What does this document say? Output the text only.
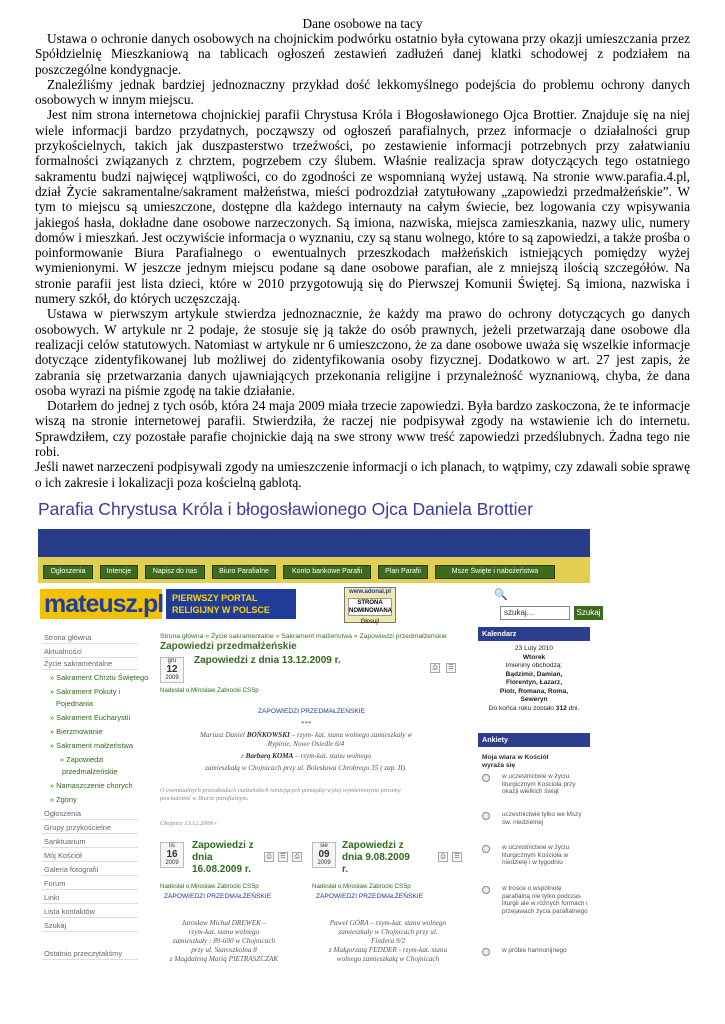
Dane osobowe na tacy

Ustawa o ochronie danych osobowych na chojnickim podwórku ostatnio była cytowana przy okazji umieszczania przez Spółdzielnię Mieszkaniową na tablicach ogłoszeń zestawień zadłużeń danej klatki schodowej z podziałem na poszczególne kondygnacje.

Znaleźliśmy jednak bardziej jednoznaczny przykład dość lekkomyślnego podejścia do problemu ochrony danych osobowych w innym miejscu.

Jest nim strona internetowa chojnickiej parafii Chrystusa Króla i Błogosławionego Ojca Brottier. Znajduje się na niej wiele informacji bardzo przydatnych, począwszy od ogłoszeń parafialnych, przez informacje o działalności grup przykościelnych, takich jak duszpasterstwo trzeźwości, po zestawienie informacji potrzebnych przy załatwianiu formalności związanych z chrztem, pogrzebem czy ślubem. Właśnie realizacja spraw dotyczących tego ostatniego sakramentu budzi najwięcej wątpliwości, co do zgodności ze wspomnianą wyżej ustawą. Na stronie www.parafia.4.pl, dział Życie sakramentalne/sakrament małżeństwa, mieści podrozdział zatytułowany „zapowiedzi przedmałżeńskie”. W tym to miejscu są umieszczone, dostępne dla każdego internauty na całym świecie, bez logowania czy wpisywania jakiegoś hasła, dokładne dane osobowe narzeczonych. Są imiona, nazwiska, miejsca zamieszkania, nazwy ulic, numery domów i mieszkań. Jest oczywiście informacja o wyznaniu, czy są stanu wolnego, które to są zapowiedzi, a także prośba o poinformowanie Biura Parafialnego o ewentualnych przeszkodach małżeńskich istniejących pomiędzy wyżej wymienionymi. W jeszcze jednym miejscu podane są dane osobowe parafian, ale z mniejszą ilością szczegółów. Na stronie parafii jest lista dzieci, które w 2010 przygotowują się do Pierwszej Komunii Świętej. Są imiona, nazwiska i numery szkół, do których uczęszczają.

Ustawa w pierwszym artykule stwierdza jednoznacznie, że każdy ma prawo do ochrony dotyczących go danych osobowych. W artykule nr 2 podaje, że stosuje się ją także do osób prawnych, jeżeli przetwarzają dane osobowe dla realizacji celów statutowych. Natomiast w artykule nr 6 umieszczono, że za dane osobowe uważa się wszelkie informacje dotyczące zidentyfikowanej lub możliwej do zidentyfikowania osoby fizycznej. Dodatkowo w art. 27 jest zapis, że zabrania się przetwarzania danych ujawniających przekonania religijne i przynależność wyznaniową, chyba, że dana osoba wyrazi na piśmie zgodę na takie działanie.

Dotarłem do jednej z tych osób, która 24 maja 2009 miała trzecie zapowiedzi. Była bardzo zaskoczona, że te informacje wiszą na stronie internetowej parafii. Stwierdziła, że raczej nie podpisywał zgody na wstawienie ich do internetu. Sprawdziłem, czy pozostałe parafie chojnickie dają na swe strony www treść zapowiedzi przedślubnych. Żadna tego nie robi.

Jeśli nawet narzeczeni podpisywali zgody na umieszczenie informacji o ich planach, to wątpimy, czy zdawali sobie sprawę o ich zakresie i lokalizacji poza kościelną gablotą.

Parafia Chrystusa Króla i błogosławionego Ojca Daniela Brottier
Ogłoszenia	Intencje	Napisz do nas	Biuro Parafialne	Konto bankowe Parafii	Plan Parafii	Msze Święte i nabożeństwa
mateusz.pl PIERWSZY PORTAL
RELIGIJNY W POLSCE
www.adonai.pl
STRONA NOMINOWANA
Głosuj!
🔍
szukaj...	Szukaj
Strona główna
Aktualności
Życie sakramentalne
» Sakrament Chrztu Świętego
» Sakrament Pokuty i
Pojednania
» Sakrament Eucharystii
» Bierzmowanie
» Sakrament małżeństwa
» Zapowiedzi
przedmałżeńskie
» Namaszczenie chorych
» Zgony
Ogłoszenia
Grupy przykościelne
Sanktuarium
Mój Kościół
Galeria fotografii
Forum
Linki
Lista kontaktów
Szukaj
Ostatnio przeczytaliśmy
Strona główna » Życie sakramentalne » Sakrament małżeństwa » Zapowiedzi przedmałżeńskie
Zapowiedzi przedmałżeńskie
gru
12
2009
Zapowiedzi z dnia 13.12.2009 r.
⎙	☰
Nadesłał o.Mirosław Zabrocki CSSp
ZAPOWIEDZI PRZEDMAŁŻEŃSKIE
***
Mariusz Daniel BOŃKOWSKI – rzym- kat. stanu wolnego zamieszkały w
Rypinie, Nowe Osiedle 6/4
z Barbarą KOMA – rzym-kat. stanu wolnego
zamieszkałą w Chojnicach przy ul. Bolesława Chrobrego 35 ( zap. II).
O ewentualnych przeszkodach małżeńskich istniejących pomiędzy wyżej wymienionymi prosimy
powiadomić w Biurze parafialnym.
Chojnice 13.12.2009 r
lis
16
2009
Zapowiedzi z
dnia
16.08.2009 r.
⎙	☰
Nadesłał o.Mirosław Zabrocki CSSp
ZAPOWIEDZI PRZEDMAŁŻEŃSKIE
Jarosław Michał DREWEK –
rzym-kat. stanu wolnego
zamieszkały : 89-600 w Chojnicach
przy ul. Staroszkolna 8
z Magdaleną Marią PIETRASZCZAK
sie
09
2009
Zapowiedzi z
dnia 9.08.2009
r.
⎙	⎙	☰
Nadesłał o.Mirosław Zabrocki CSSp
ZAPOWIEDZI PRZEDMAŁŻEŃSKIE
Paweł GÓRA – rzym-kat. stanu wolnego
zamieszkały w Chojnicach przy ul.
Findera 9/2
z Małgorzatą FEDDER - rzym-kat. stanu
wolnego zamieszkałą w Chojnicach
Kalendarz
23 Luty 2010
Wtorek
Imieniny obchodzą:
Bądzimir, Damian,
Florentyn, Łazarz,
Piotr, Romana, Roma,
Seweryn
Do końca roku zostało 312 dni.
Ankiety
Moja wiara w Kościół
wyraża się
w uczestnictwie w życiu liturgicznym Kościoła przy okazji wielkich świąt
uczestnictwie tylko we Mszy św. niedzielnej
w uczestnictwie w życiu liturgicznym Kościoła w niedzielę i w tygodniu
w trosce o wspólnotę parafialną nie tylko podczas liturgii ale w różnych formach i przejawach życia parafialnego
w próbie harmonijnego
